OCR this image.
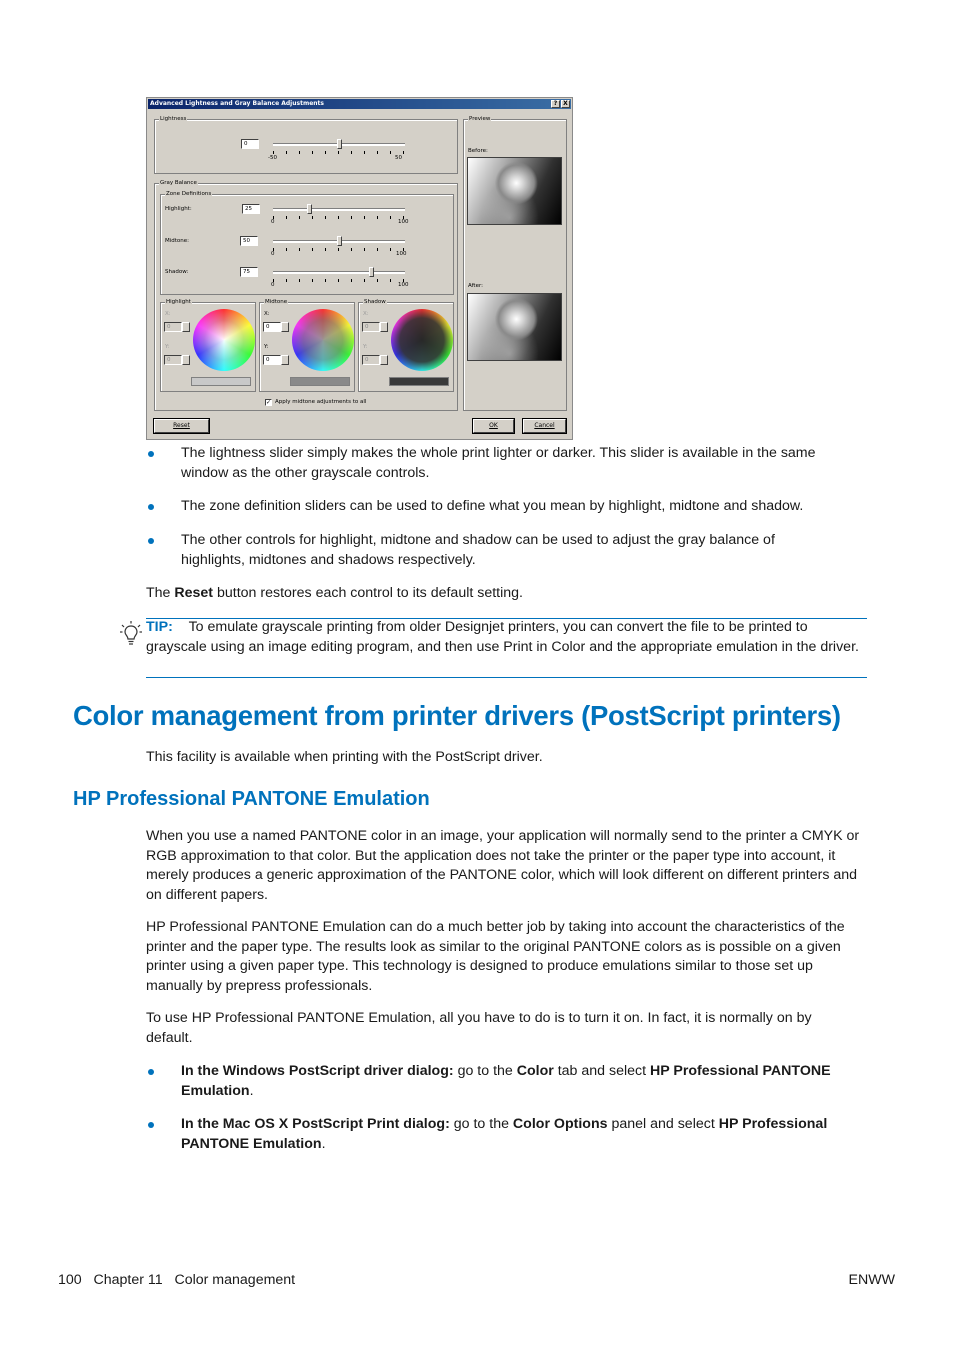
Advanced Lightness and Gray Balance Adjustments	? X
Lightness
0
-50	50
Gray Balance
Zone Definitions
Highlight:	25
0	100
Midtone:	50
0	100
Shadow:	75
0	100
Highlight
X:
0
Y:
0
Midtone
X:
0
Y:
0
Shadow
X:
0
Y:
0
✓ Apply midtone adjustments to all
Preview
Before:
After:
Reset	OK	Cancel
The lightness slider simply makes the whole print lighter or darker. This slider is available in the same window as the other grayscale controls.
The zone definition sliders can be used to define what you mean by highlight, midtone and shadow.
The other controls for highlight, midtone and shadow can be used to adjust the gray balance of highlights, midtones and shadows respectively.
The Reset button restores each control to its default setting.
TIP: To emulate grayscale printing from older Designjet printers, you can convert the file to be printed to grayscale using an image editing program, and then use Print in Color and the appropriate emulation in the driver.
Color management from printer drivers (PostScript printers)
This facility is available when printing with the PostScript driver.
HP Professional PANTONE Emulation
When you use a named PANTONE color in an image, your application will normally send to the printer a CMYK or RGB approximation to that color. But the application does not take the printer or the paper type into account, it merely produces a generic approximation of the PANTONE color, which will look different on different printers and on different papers.
HP Professional PANTONE Emulation can do a much better job by taking into account the characteristics of the printer and the paper type. The results look as similar to the original PANTONE colors as is possible on a given printer using a given paper type. This technology is designed to produce emulations similar to those set up manually by prepress professionals.
To use HP Professional PANTONE Emulation, all you have to do is to turn it on. In fact, it is normally on by default.
In the Windows PostScript driver dialog: go to the Color tab and select HP Professional PANTONE Emulation.
In the Mac OS X PostScript Print dialog: go to the Color Options panel and select HP Professional PANTONE Emulation.
100 Chapter 11   Color management	ENWW
